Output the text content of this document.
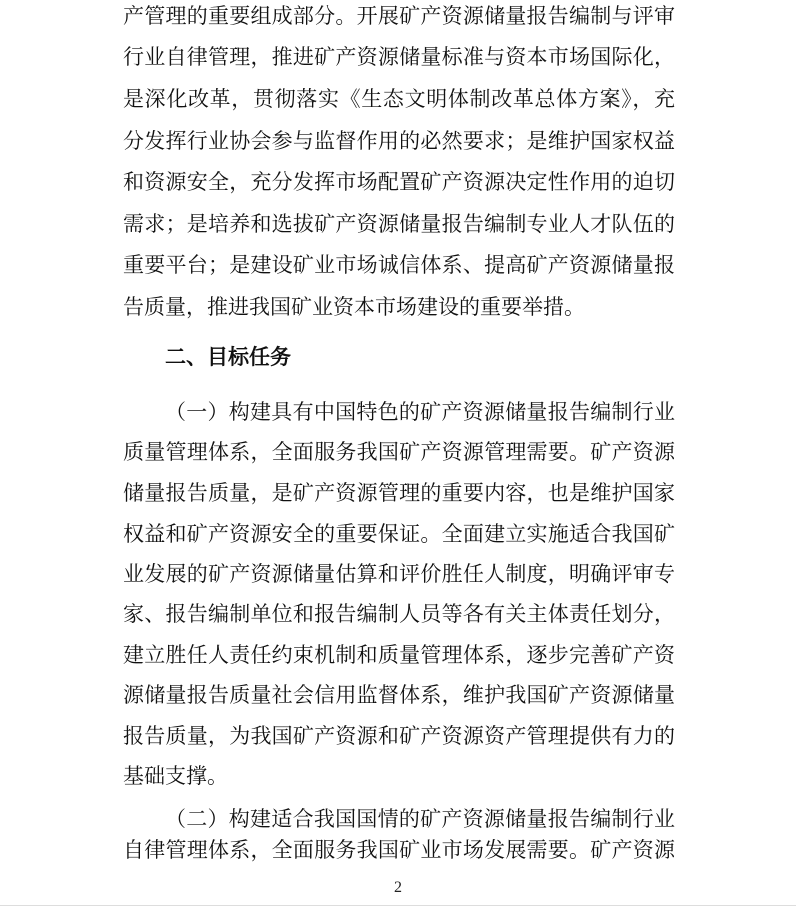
产管理的重要组成部分。开展矿产资源储量报告编制与评审
行业自律管理，推进矿产资源储量标准与资本市场国际化，
是深化改革，贯彻落实《生态文明体制改革总体方案》，充
分发挥行业协会参与监督作用的必然要求；是维护国家权益
和资源安全，充分发挥市场配置矿产资源决定性作用的迫切
需求；是培养和选拔矿产资源储量报告编制专业人才队伍的
重要平台；是建设矿业市场诚信体系、提高矿产资源储量报
告质量，推进我国矿业资本市场建设的重要举措。
二、目标任务
（一）构建具有中国特色的矿产资源储量报告编制行业
质量管理体系，全面服务我国矿产资源管理需要。矿产资源
储量报告质量，是矿产资源管理的重要内容，也是维护国家
权益和矿产资源安全的重要保证。全面建立实施适合我国矿
业发展的矿产资源储量估算和评价胜任人制度，明确评审专
家、报告编制单位和报告编制人员等各有关主体责任划分，
建立胜任人责任约束机制和质量管理体系，逐步完善矿产资
源储量报告质量社会信用监督体系，维护我国矿产资源储量
报告质量，为我国矿产资源和矿产资源资产管理提供有力的
基础支撑。
（二）构建适合我国国情的矿产资源储量报告编制行业
自律管理体系，全面服务我国矿业市场发展需要。矿产资源
2
